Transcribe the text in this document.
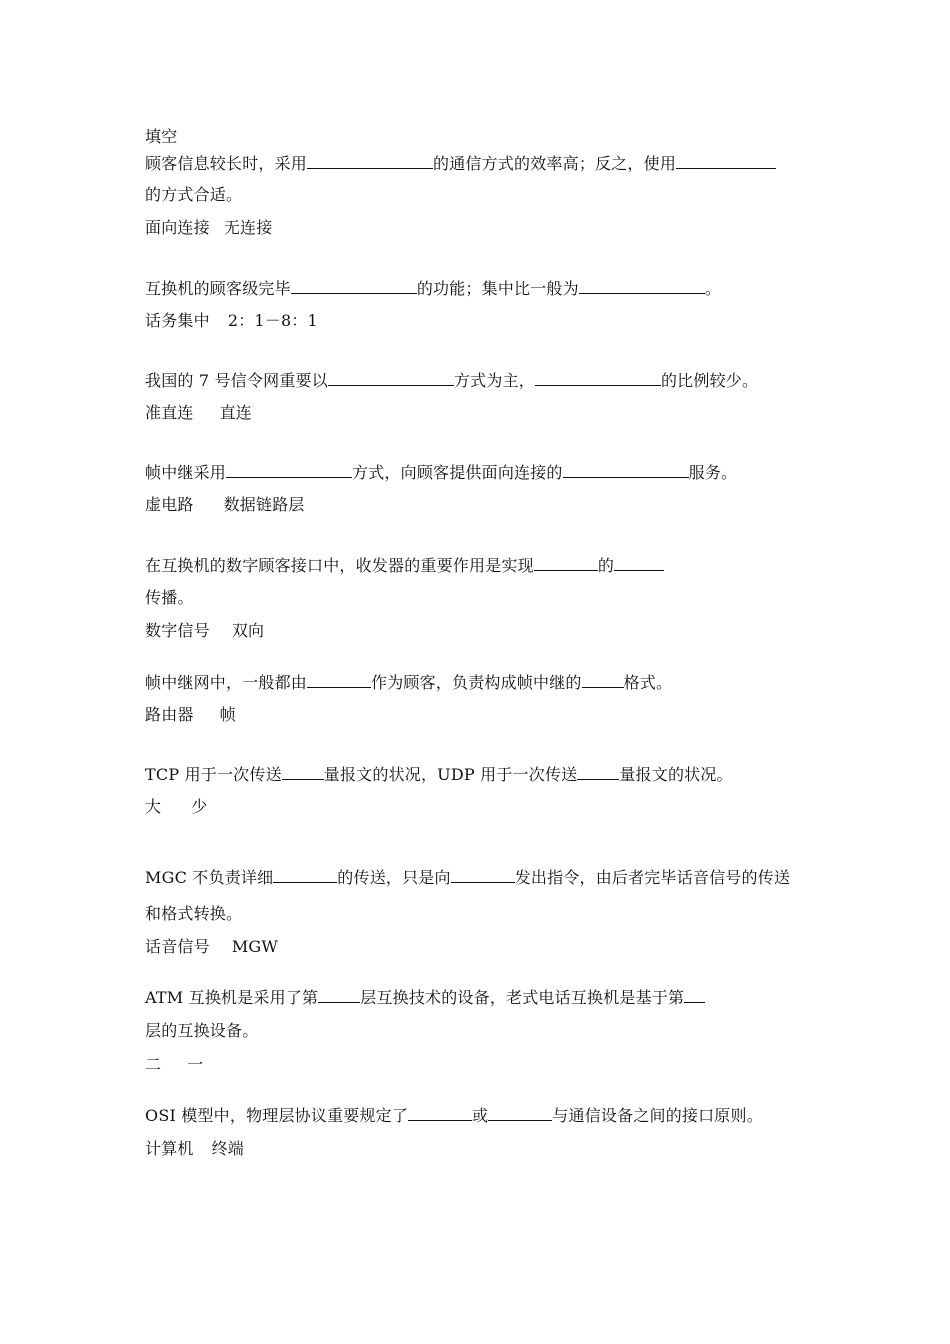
填空
顾客信息较长时，采用	的通信方式的效率高；反之，使用
的方式合适。
面向连接 无连接
互换机的顾客级完毕	的功能；集中比一般为	。
话务集中 2：1－8：1
我国的 7 号信令网重要以	方式为主，	的比例较少。
准直连 直连
帧中继采用	方式，向顾客提供面向连接的	服务。
虚电路 数据链路层
在互换机的数字顾客接口中，收发器的重要作用是实现	的
传播。
数字信号 双向
帧中继网中，一般都由	作为顾客，负责构成帧中继的	格式。
路由器 帧
TCP 用于一次传送	量报文的状况，UDP 用于一次传送	量报文的状况。
大 少
MGC 不负责详细	的传送，只是向	发出指令，由后者完毕话音信号的传送
和格式转换。
话音信号 MGW
ATM 互换机是采用了第	层互换技术的设备，老式电话互换机是基于第
层的互换设备。
二 一
OSI 模型中，物理层协议重要规定了	或	与通信设备之间的接口原则。
计算机 终端
